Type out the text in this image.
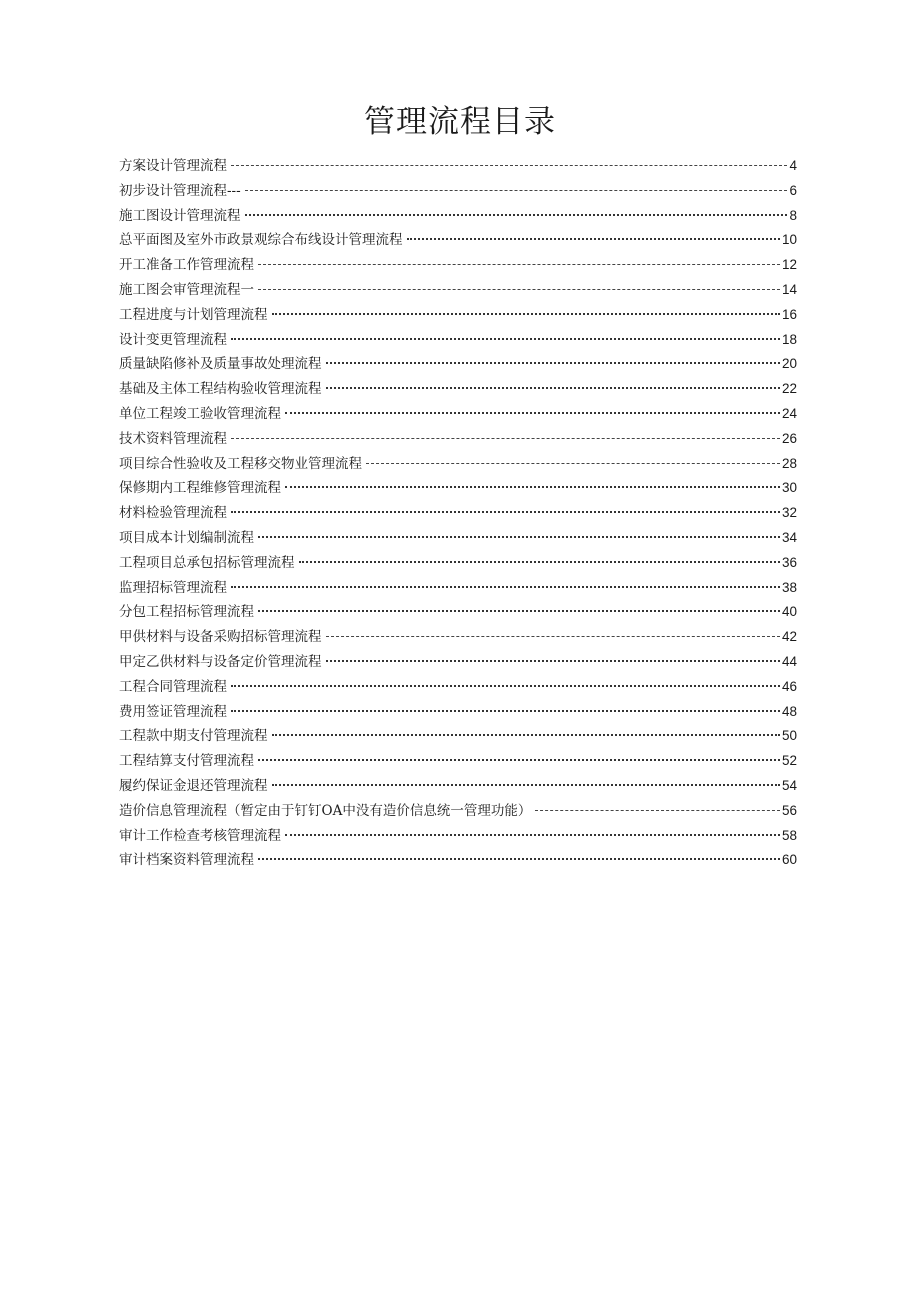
管理流程目录
方案设计管理流程	4
初步设计管理流程---	6
施工图设计管理流程	8
总平面图及室外市政景观综合布线设计管理流程	10
开工准备工作管理流程	12
施工图会审管理流程一	14
工程进度与计划管理流程	16
设计变更管理流程	18
质量缺陷修补及质量事故处理流程	20
基础及主体工程结构验收管理流程	22
单位工程竣工验收管理流程	24
技术资料管理流程	26
项目综合性验收及工程移交物业管理流程	28
保修期内工程维修管理流程	30
材料检验管理流程	32
项目成本计划编制流程	34
工程项目总承包招标管理流程	36
监理招标管理流程	38
分包工程招标管理流程	40
甲供材料与设备采购招标管理流程	42
甲定乙供材料与设备定价管理流程	44
工程合同管理流程	46
费用签证管理流程	48
工程款中期支付管理流程	50
工程结算支付管理流程	52
履约保证金退还管理流程	54
造价信息管理流程（暂定由于钉钉OA中没有造价信息统一管理功能）	56
审计工作检查考核管理流程	58
审计档案资料管理流程	60
